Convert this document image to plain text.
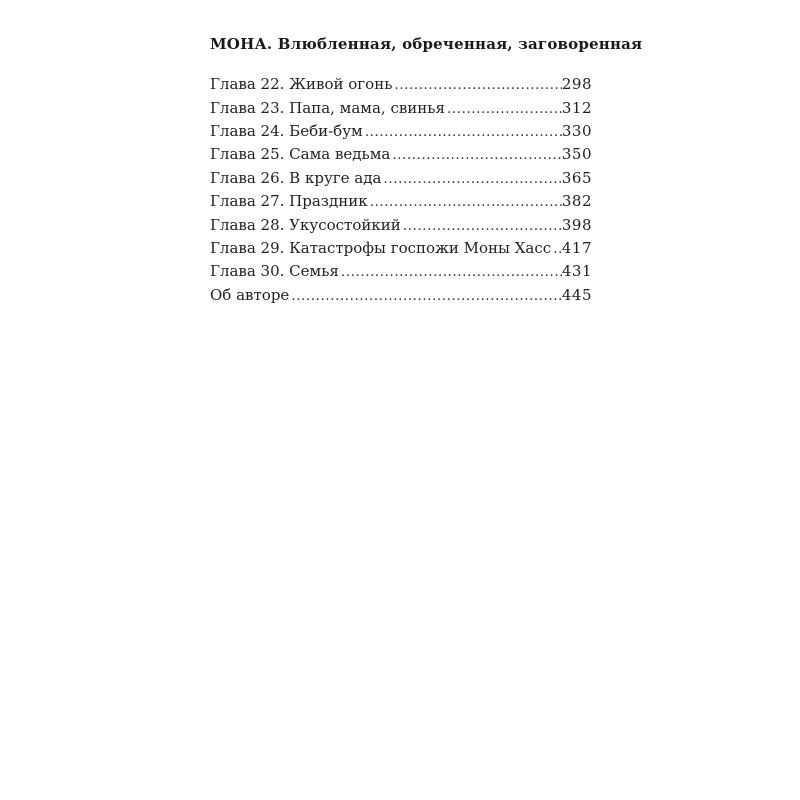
МОНА. Влюбленная, обреченная, заговоренная
Глава 22. Живой огонь .....	298
Глава 23. Папа, мама, свинья .....	312
Глава 24. Беби-бум .....	330
Глава 25. Сама ведьма .....	350
Глава 26. В круге ада .....	365
Глава 27. Праздник .....	382
Глава 28. Укусостойкий .....	398
Глава 29. Катастрофы госпожи Моны Хасс ..... 417
Глава 30. Семья .....	431
Об авторе .....	445
